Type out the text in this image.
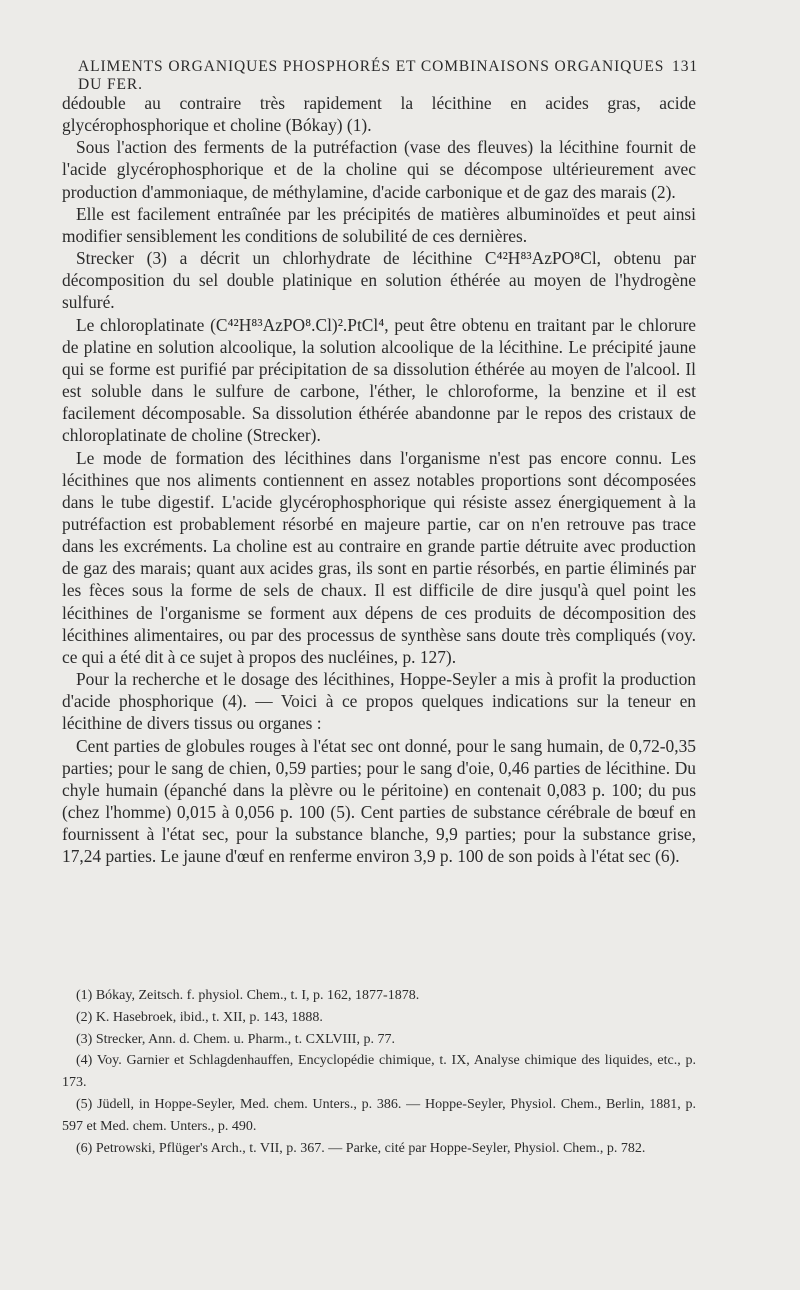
ALIMENTS ORGANIQUES PHOSPHORÉS ET COMBINAISONS ORGANIQUES DU FER.
131

dédouble au contraire très rapidement la lécithine en acides gras, acide glycérophosphorique et choline (Bókay) (1).

Sous l'action des ferments de la putréfaction (vase des fleuves) la lécithine fournit de l'acide glycérophosphorique et de la choline qui se décompose ultérieurement avec production d'ammoniaque, de méthylamine, d'acide carbonique et de gaz des marais (2).

Elle est facilement entraînée par les précipités de matières albuminoïdes et peut ainsi modifier sensiblement les conditions de solubilité de ces dernières.

Strecker (3) a décrit un chlorhydrate de lécithine C⁴²H⁸³AzPO⁸Cl, obtenu par décomposition du sel double platinique en solution éthérée au moyen de l'hydrogène sulfuré.

Le chloroplatinate (C⁴²H⁸³AzPO⁸.Cl)².PtCl⁴, peut être obtenu en traitant par le chlorure de platine en solution alcoolique, la solution alcoolique de la lécithine. Le précipité jaune qui se forme est purifié par précipitation de sa dissolution éthérée au moyen de l'alcool. Il est soluble dans le sulfure de carbone, l'éther, le chloroforme, la benzine et il est facilement décomposable. Sa dissolution éthérée abandonne par le repos des cristaux de chloroplatinate de choline (Strecker).

Le mode de formation des lécithines dans l'organisme n'est pas encore connu. Les lécithines que nos aliments contiennent en assez notables proportions sont décomposées dans le tube digestif. L'acide glycérophosphorique qui résiste assez énergiquement à la putréfaction est probablement résorbé en majeure partie, car on n'en retrouve pas trace dans les excréments. La choline est au contraire en grande partie détruite avec production de gaz des marais; quant aux acides gras, ils sont en partie résorbés, en partie éliminés par les fèces sous la forme de sels de chaux. Il est difficile de dire jusqu'à quel point les lécithines de l'organisme se forment aux dépens de ces produits de décomposition des lécithines alimentaires, ou par des processus de synthèse sans doute très compliqués (voy. ce qui a été dit à ce sujet à propos des nucléines, p. 127).

Pour la recherche et le dosage des lécithines, Hoppe-Seyler a mis à profit la production d'acide phosphorique (4). — Voici à ce propos quelques indications sur la teneur en lécithine de divers tissus ou organes :

Cent parties de globules rouges à l'état sec ont donné, pour le sang humain, de 0,72-0,35 parties; pour le sang de chien, 0,59 parties; pour le sang d'oie, 0,46 parties de lécithine. Du chyle humain (épanché dans la plèvre ou le péritoine) en contenait 0,083 p. 100; du pus (chez l'homme) 0,015 à 0,056 p. 100 (5). Cent parties de substance cérébrale de bœuf en fournissent à l'état sec, pour la substance blanche, 9,9 parties; pour la substance grise, 17,24 parties. Le jaune d'œuf en renferme environ 3,9 p. 100 de son poids à l'état sec (6).

(1) Bókay, Zeitsch. f. physiol. Chem., t. I, p. 162, 1877-1878.

(2) K. Hasebroek, ibid., t. XII, p. 143, 1888.

(3) Strecker, Ann. d. Chem. u. Pharm., t. CXLVIII, p. 77.

(4) Voy. Garnier et Schlagdenhauffen, Encyclopédie chimique, t. IX, Analyse chimique des liquides, etc., p. 173.

(5) Jüdell, in Hoppe-Seyler, Med. chem. Unters., p. 386. — Hoppe-Seyler, Physiol. Chem., Berlin, 1881, p. 597 et Med. chem. Unters., p. 490.

(6) Petrowski, Pflüger's Arch., t. VII, p. 367. — Parke, cité par Hoppe-Seyler, Physiol. Chem., p. 782.
